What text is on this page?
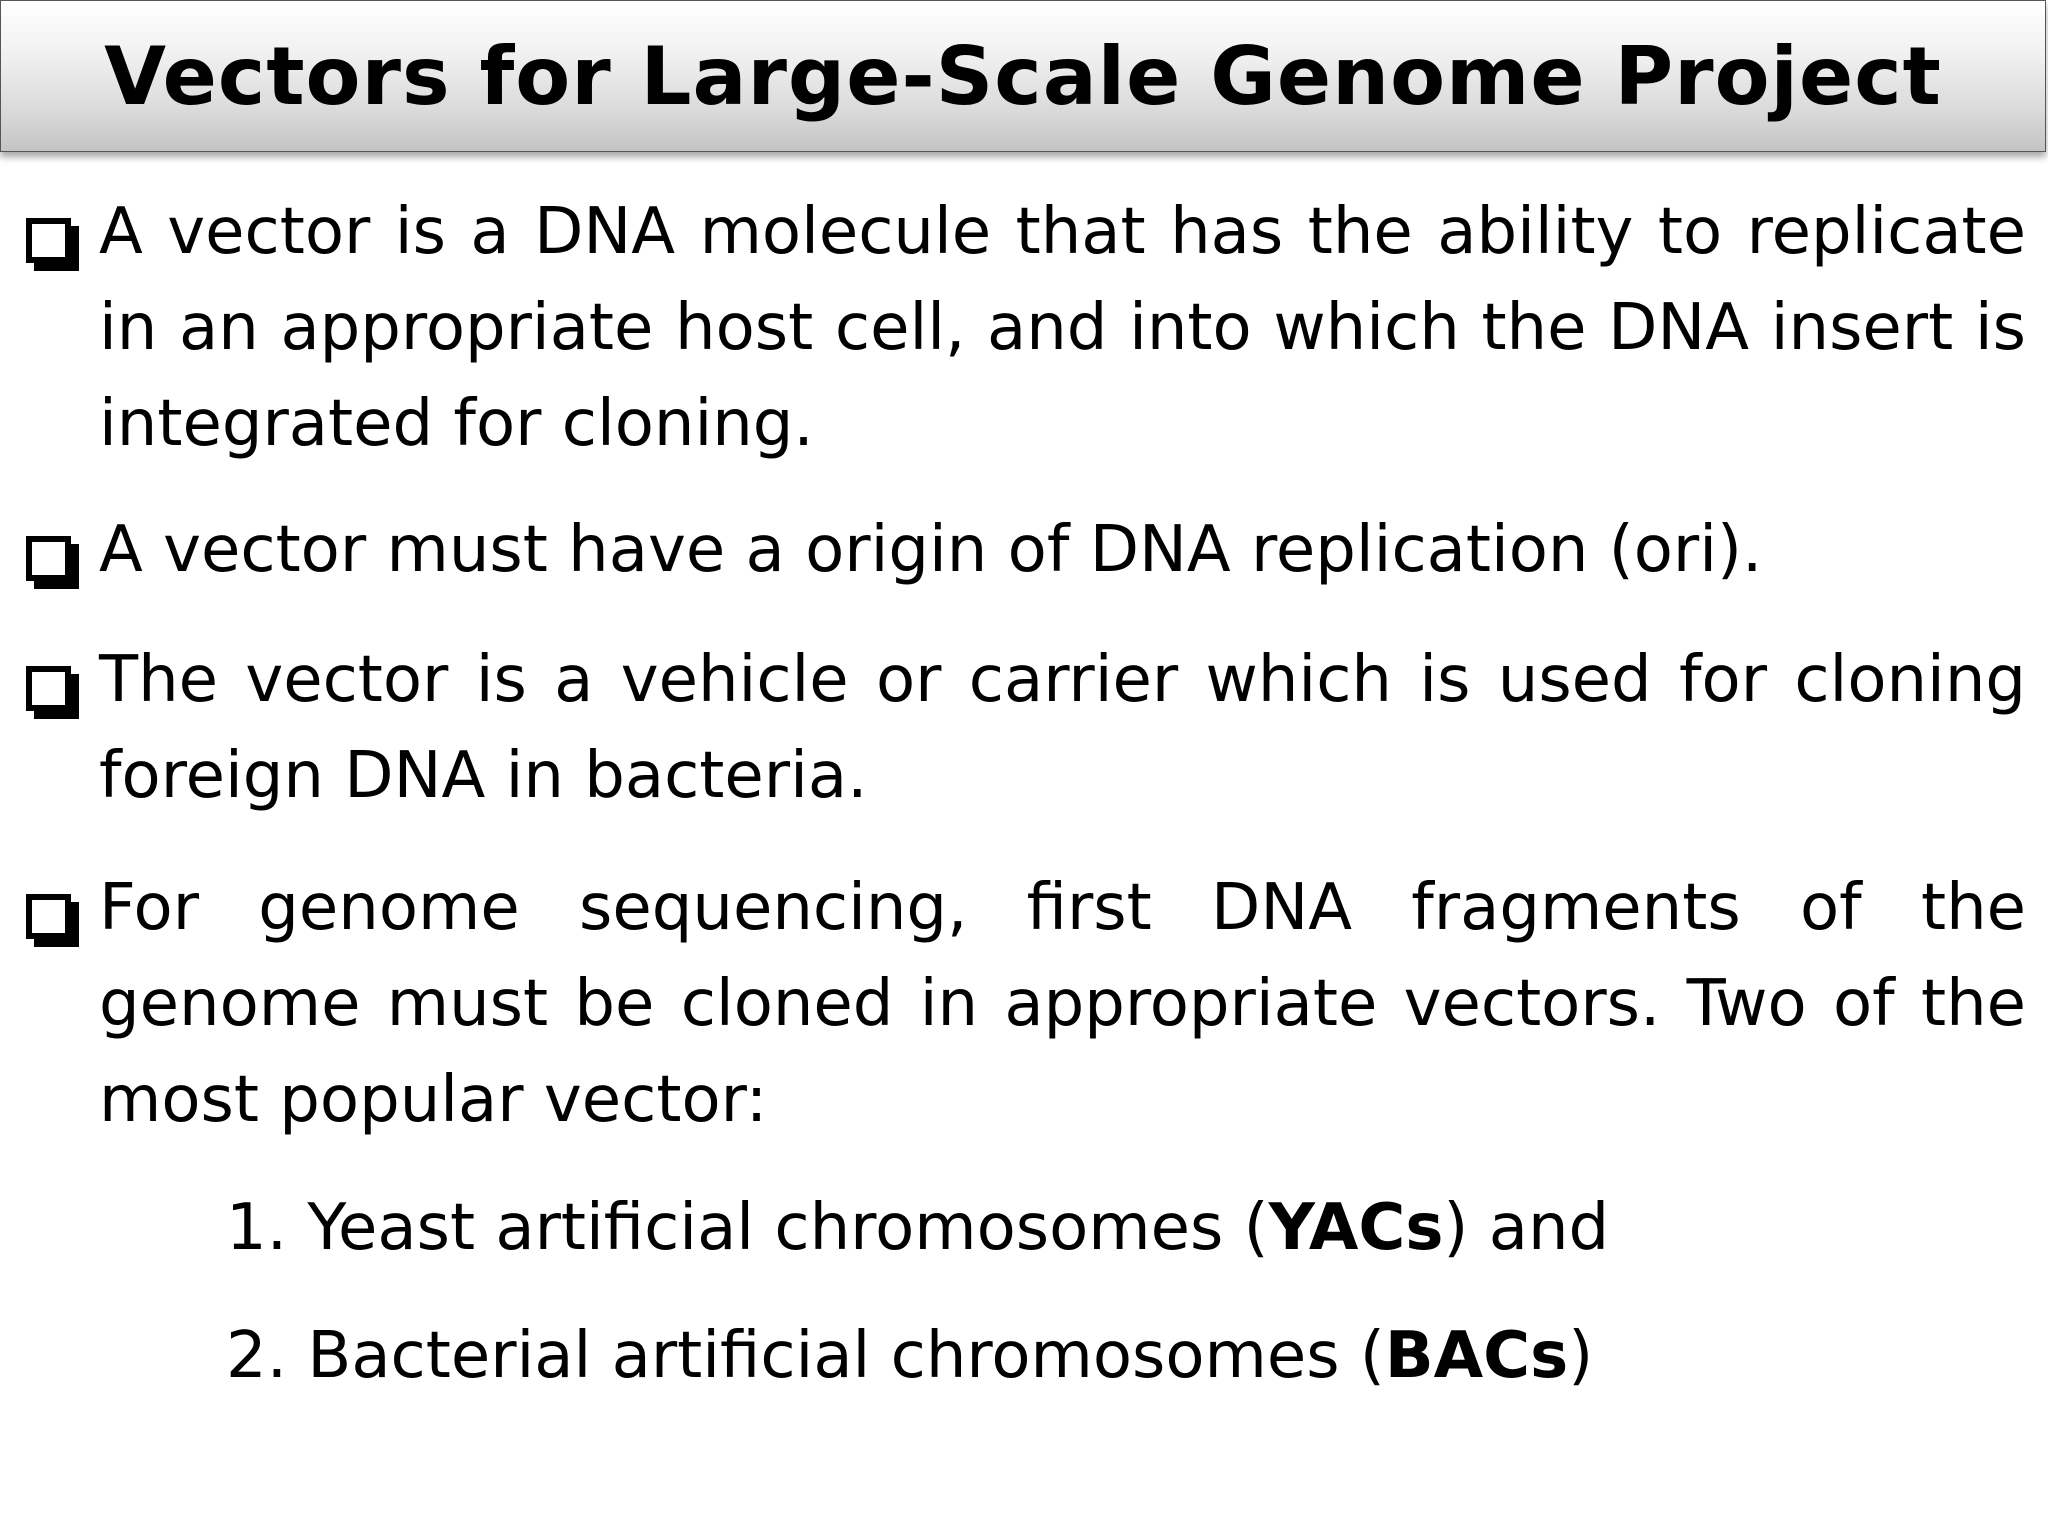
Vectors for Large-Scale Genome Project
A vector is a DNA molecule that has the ability to replicate in an appropriate host cell, and into which the DNA insert is integrated for cloning.
A vector must have a origin of DNA replication (ori).
The vector is a vehicle or carrier which is used for cloning foreign DNA in bacteria.
For genome sequencing, first DNA fragments of the genome must be cloned in appropriate vectors. Two of the most popular vector:
1. Yeast artificial chromosomes (YACs) and
2. Bacterial artificial chromosomes (BACs)
